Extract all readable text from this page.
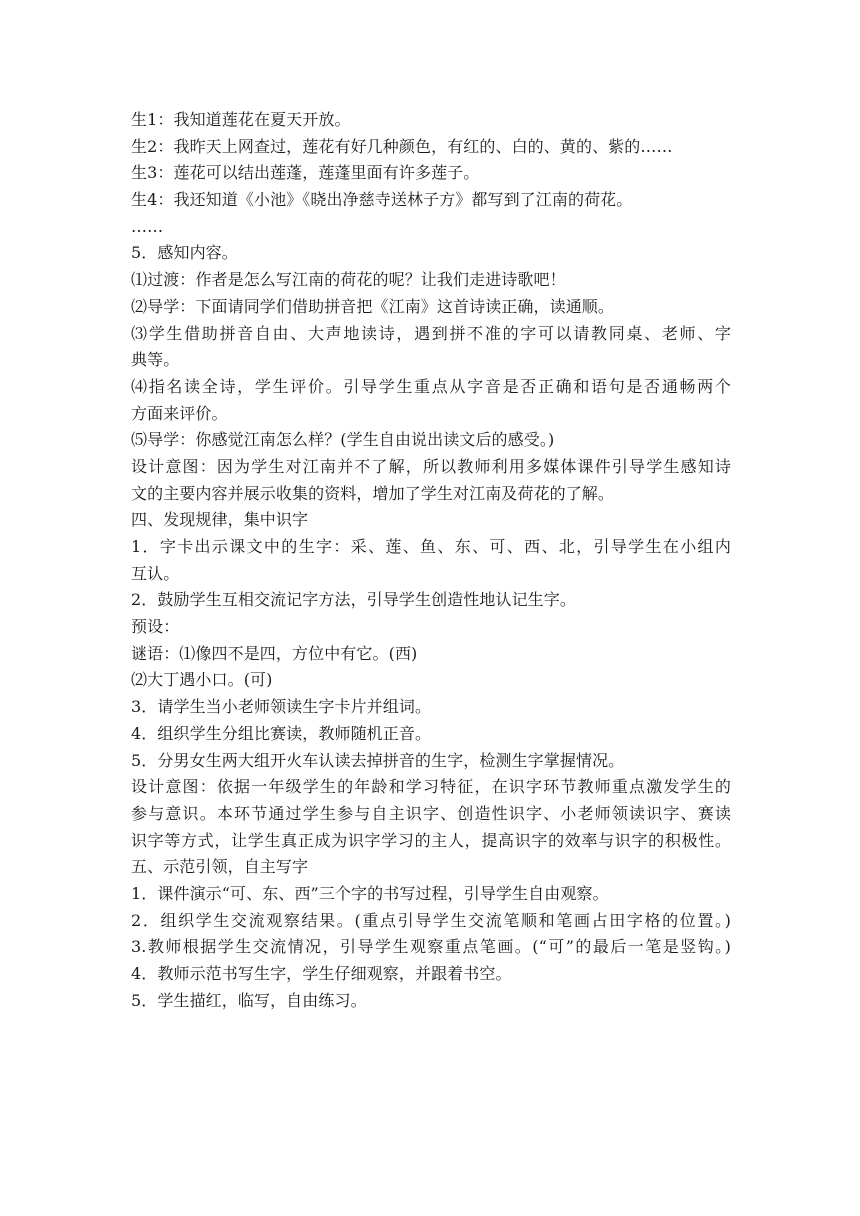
生1：我知道莲花在夏天开放。
生2：我昨天上网查过，莲花有好几种颜色，有红的、白的、黄的、紫的……
生3：莲花可以结出莲蓬，莲蓬里面有许多莲子。
生4：我还知道《小池》《晓出净慈寺送林子方》都写到了江南的荷花。
……
5．感知内容。
⑴过渡：作者是怎么写江南的荷花的呢？让我们走进诗歌吧！
⑵导学：下面请同学们借助拼音把《江南》这首诗读正确，读通顺。
⑶学生借助拼音自由、大声地读诗，遇到拼不准的字可以请教同桌、老师、字
典等。
⑷指名读全诗，学生评价。引导学生重点从字音是否正确和语句是否通畅两个
方面来评价。
⑸导学：你感觉江南怎么样？(学生自由说出读文后的感受。)
设计意图：因为学生对江南并不了解，所以教师利用多媒体课件引导学生感知诗
文的主要内容并展示收集的资料，增加了学生对江南及荷花的了解。
四、发现规律，集中识字
1．字卡出示课文中的生字：采、莲、鱼、东、可、西、北，引导学生在小组内
互认。
2．鼓励学生互相交流记字方法，引导学生创造性地认记生字。
预设：
谜语：⑴像四不是四，方位中有它。(西)
⑵大丁遇小口。(可)
3．请学生当小老师领读生字卡片并组词。
4．组织学生分组比赛读，教师随机正音。
5．分男女生两大组开火车认读去掉拼音的生字，检测生字掌握情况。
设计意图：依据一年级学生的年龄和学习特征，在识字环节教师重点激发学生的
参与意识。本环节通过学生参与自主识字、创造性识字、小老师领读识字、赛读
识字等方式，让学生真正成为识字学习的主人，提高识字的效率与识字的积极性。
五、示范引领，自主写字
1．课件演示“可、东、西”三个字的书写过程，引导学生自由观察。
2．组织学生交流观察结果。(重点引导学生交流笔顺和笔画占田字格的位置。)
3.教师根据学生交流情况，引导学生观察重点笔画。(“可”的最后一笔是竖钩。)
4．教师示范书写生字，学生仔细观察，并跟着书空。
5．学生描红，临写，自由练习。
